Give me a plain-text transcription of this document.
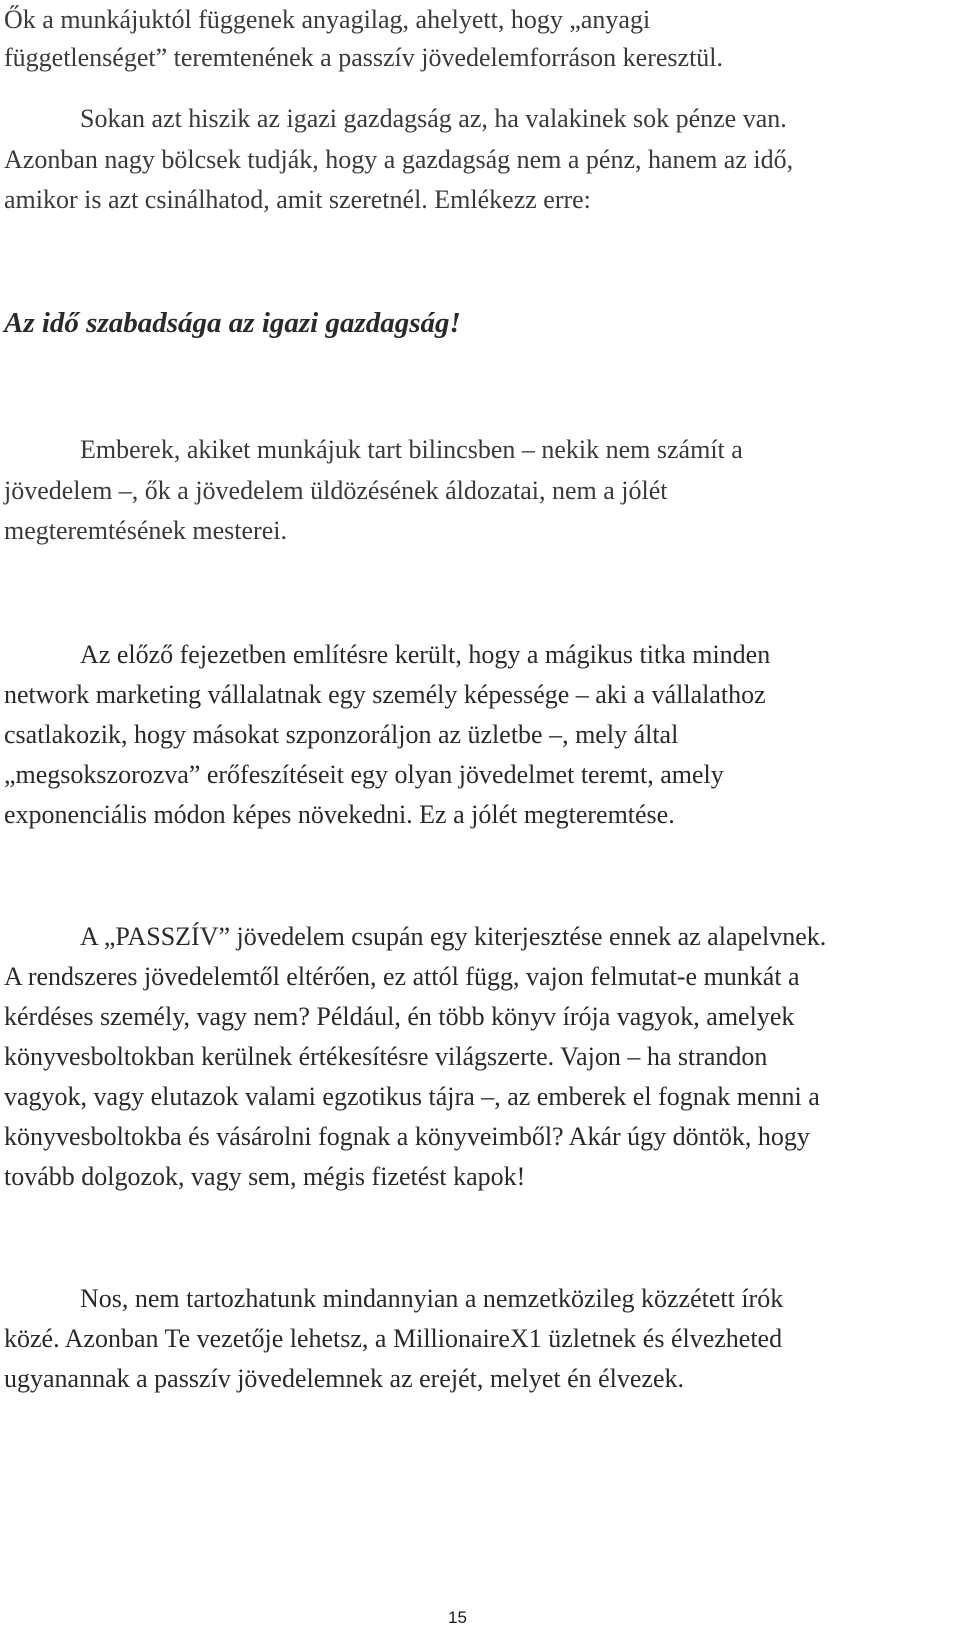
Ők a munkájuktól függenek anyagilag, ahelyett, hogy „anyagi
függetlenséget” teremtenének a passzív jövedelemforráson keresztül.
Sokan azt hiszik az igazi gazdagság az, ha valakinek sok pénze van.
Azonban nagy bölcsek tudják, hogy a gazdagság nem a pénz, hanem az idő,
amikor is azt csinálhatod, amit szeretnél. Emlékezz erre:
Az idő szabadsága az igazi gazdagság!
Emberek, akiket munkájuk tart bilincsben – nekik nem számít a
jövedelem –, ők a jövedelem üldözésének áldozatai, nem a jólét
megteremtésének mesterei.
Az előző fejezetben említésre került, hogy a mágikus titka minden
network marketing vállalatnak egy személy képessége – aki a vállalathoz
csatlakozik, hogy másokat szponzoráljon az üzletbe –, mely által
„megsokszorozva” erőfeszítéseit egy olyan jövedelmet teremt, amely
exponenciális módon képes növekedni. Ez a jólét megteremtése.
A „PASSZÍV” jövedelem csupán egy kiterjesztése ennek az alapelvnek.
A rendszeres jövedelemtől eltérően, ez attól függ, vajon felmutat-e munkát a
kérdéses személy, vagy nem? Például, én több könyv írója vagyok, amelyek
könyvesboltokban kerülnek értékesítésre világszerte. Vajon – ha strandon
vagyok, vagy elutazok valami egzotikus tájra –, az emberek el fognak menni a
könyvesboltokba és vásárolni fognak a könyveimből? Akár úgy döntök, hogy
tovább dolgozok, vagy sem, mégis fizetést kapok!
Nos, nem tartozhatunk mindannyian a nemzetközileg közzétett írók
közé. Azonban Te vezetője lehetsz, a MillionaireX1 üzletnek és élvezheted
ugyanannak a passzív jövedelemnek az erejét, melyet én élvezek.
15
